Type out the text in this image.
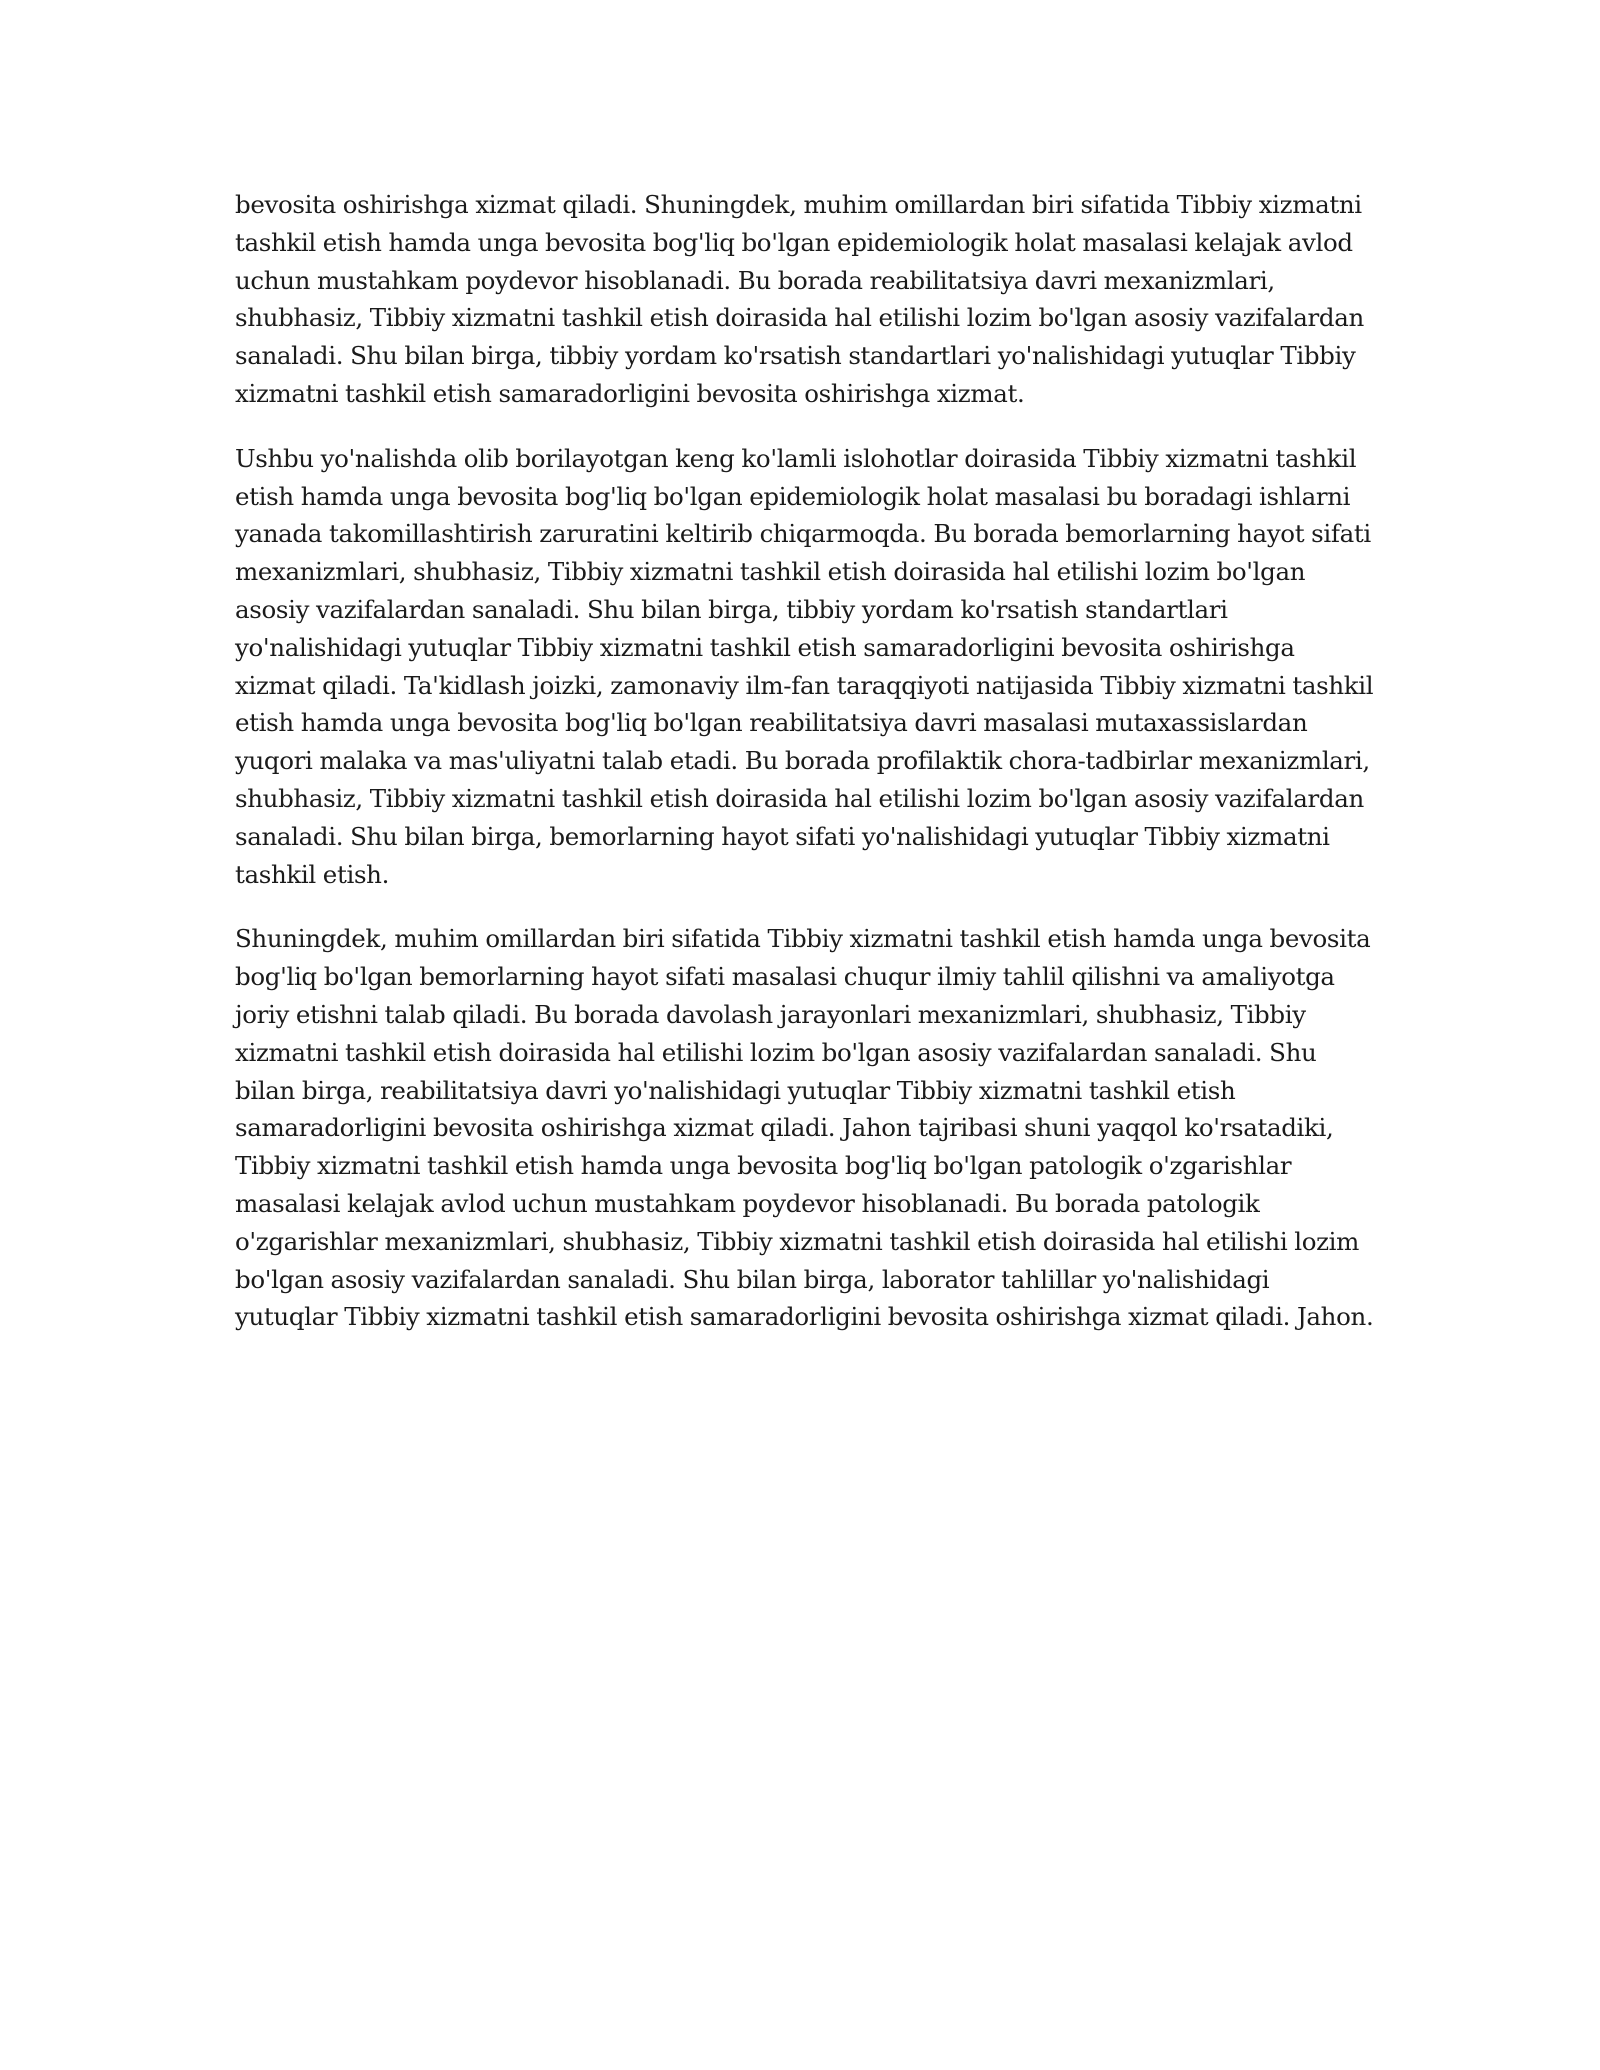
bevosita oshirishga xizmat qiladi. Shuningdek, muhim omillardan biri sifatida Tibbiy xizmatni tashkil etish hamda unga bevosita bog'liq bo'lgan epidemiologik holat masalasi kelajak avlod uchun mustahkam poydevor hisoblanadi. Bu borada reabilitatsiya davri mexanizmlari, shubhasiz, Tibbiy xizmatni tashkil etish doirasida hal etilishi lozim bo'lgan asosiy vazifalardan sanaladi. Shu bilan birga, tibbiy yordam ko'rsatish standartlari yo'nalishidagi yutuqlar Tibbiy xizmatni tashkil etish samaradorligini bevosita oshirishga xizmat.

Ushbu yo'nalishda olib borilayotgan keng ko'lamli islohotlar doirasida Tibbiy xizmatni tashkil etish hamda unga bevosita bog'liq bo'lgan epidemiologik holat masalasi bu boradagi ishlarni yanada takomillashtirish zaruratini keltirib chiqarmoqda. Bu borada bemorlarning hayot sifati mexanizmlari, shubhasiz, Tibbiy xizmatni tashkil etish doirasida hal etilishi lozim bo'lgan asosiy vazifalardan sanaladi. Shu bilan birga, tibbiy yordam ko'rsatish standartlari yo'nalishidagi yutuqlar Tibbiy xizmatni tashkil etish samaradorligini bevosita oshirishga xizmat qiladi. Ta'kidlash joizki, zamonaviy ilm-fan taraqqiyoti natijasida Tibbiy xizmatni tashkil etish hamda unga bevosita bog'liq bo'lgan reabilitatsiya davri masalasi mutaxassislardan yuqori malaka va mas'uliyatni talab etadi. Bu borada profilaktik chora-tadbirlar mexanizmlari, shubhasiz, Tibbiy xizmatni tashkil etish doirasida hal etilishi lozim bo'lgan asosiy vazifalardan sanaladi. Shu bilan birga, bemorlarning hayot sifati yo'nalishidagi yutuqlar Tibbiy xizmatni tashkil etish.

Shuningdek, muhim omillardan biri sifatida Tibbiy xizmatni tashkil etish hamda unga bevosita bog'liq bo'lgan bemorlarning hayot sifati masalasi chuqur ilmiy tahlil qilishni va amaliyotga joriy etishni talab qiladi. Bu borada davolash jarayonlari mexanizmlari, shubhasiz, Tibbiy xizmatni tashkil etish doirasida hal etilishi lozim bo'lgan asosiy vazifalardan sanaladi. Shu bilan birga, reabilitatsiya davri yo'nalishidagi yutuqlar Tibbiy xizmatni tashkil etish samaradorligini bevosita oshirishga xizmat qiladi. Jahon tajribasi shuni yaqqol ko'rsatadiki, Tibbiy xizmatni tashkil etish hamda unga bevosita bog'liq bo'lgan patologik o'zgarishlar masalasi kelajak avlod uchun mustahkam poydevor hisoblanadi. Bu borada patologik o'zgarishlar mexanizmlari, shubhasiz, Tibbiy xizmatni tashkil etish doirasida hal etilishi lozim bo'lgan asosiy vazifalardan sanaladi. Shu bilan birga, laborator tahlillar yo'nalishidagi yutuqlar Tibbiy xizmatni tashkil etish samaradorligini bevosita oshirishga xizmat qiladi. Jahon.
